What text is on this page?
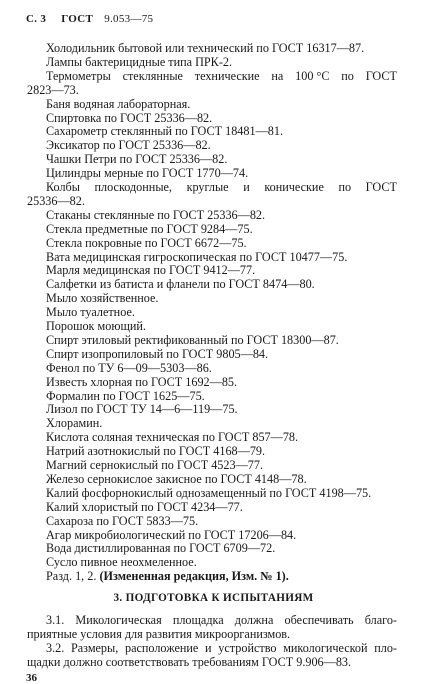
С. 3 ГОСТ 9.053—75
Холодильник бытовой или технический по ГОСТ 16317—87.
Лампы бактерицидные типа ПРК-2.
Термометры стеклянные технические на 100 °С по ГОСТ
2823—73.
Баня водяная лабораторная.
Спиртовка по ГОСТ 25336—82.
Сахарометр стеклянный по ГОСТ 18481—81.
Эксикатор по ГОСТ 25336—82.
Чашки Петри по ГОСТ 25336—82.
Цилиндры мерные по ГОСТ 1770—74.
Колбы плоскодонные, круглые и конические по ГОСТ
25336—82.
Стаканы стеклянные по ГОСТ 25336—82.
Стекла предметные по ГОСТ 9284—75.
Стекла покровные по ГОСТ 6672—75.
Вата медицинская гигроскопическая по ГОСТ 10477—75.
Марля медицинская по ГОСТ 9412—77.
Салфетки из батиста и фланели по ГОСТ 8474—80.
Мыло хозяйственное.
Мыло туалетное.
Порошок моющий.
Спирт этиловый ректификованный по ГОСТ 18300—87.
Спирт изопропиловый по ГОСТ 9805—84.
Фенол по ТУ 6—09—5303—86.
Известь хлорная по ГОСТ 1692—85.
Формалин по ГОСТ 1625—75.
Лизол по ГОСТ ТУ 14—6—119—75.
Хлорамин.
Кислота соляная техническая по ГОСТ 857—78.
Натрий азотнокислый по ГОСТ 4168—79.
Магний сернокислый по ГОСТ 4523—77.
Железо сернокислое закисное по ГОСТ 4148—78.
Калий фосфорнокислый однозамещенный по ГОСТ 4198—75.
Калий хлористый по ГОСТ 4234—77.
Сахароза по ГОСТ 5833—75.
Агар микробиологический по ГОСТ 17206—84.
Вода дистиллированная по ГОСТ 6709—72.
Сусло пивное неохмеленное.
Разд. 1, 2. (Измененная редакция, Изм. № 1).
3. ПОДГОТОВКА К ИСПЫТАНИЯМ
3.1. Микологическая площадка должна обеспечивать благо-
приятные условия для развития микроорганизмов.
3.2. Размеры, расположение и устройство микологической пло-
щадки должно соответствовать требованиям ГОСТ 9.906—83.
36
